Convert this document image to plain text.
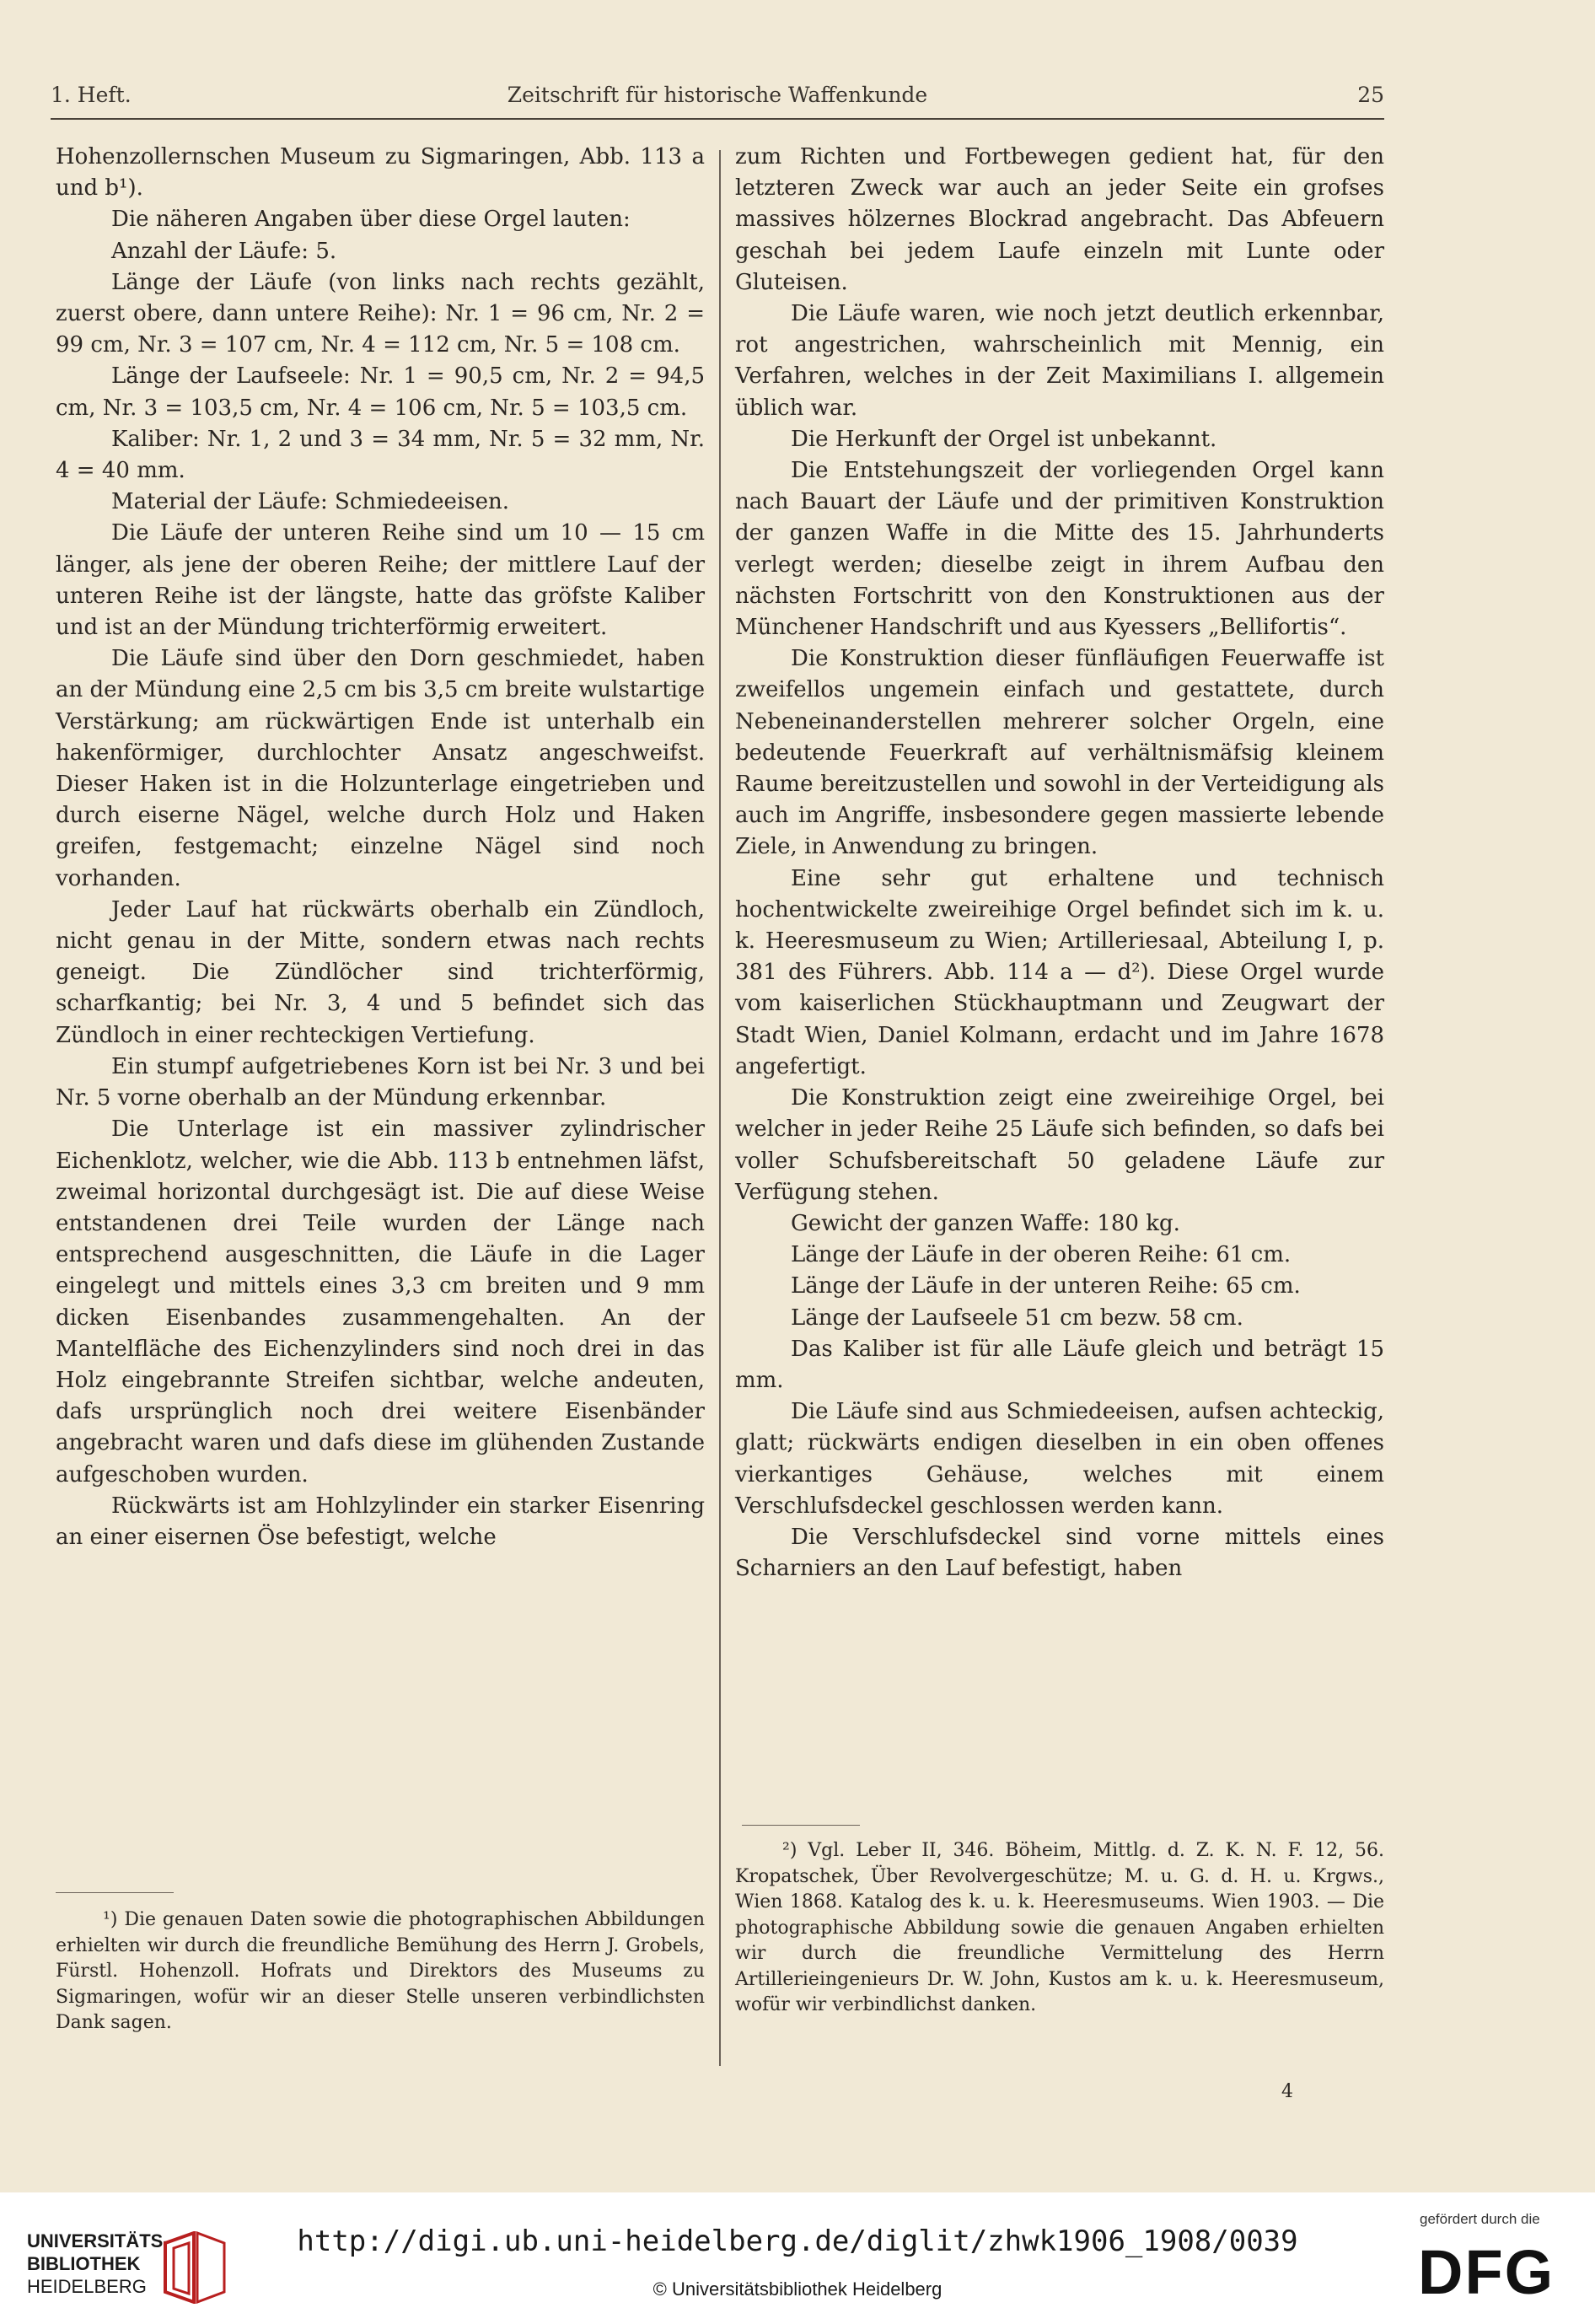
1. Heft.	Zeitschrift für historische Waffenkunde	25

Hohenzollernschen Museum zu Sigmaringen, Abb. 113 a und b¹).

Die näheren Angaben über diese Orgel lauten:

Anzahl der Läufe: 5.

Länge der Läufe (von links nach rechts gezählt, zuerst obere, dann untere Reihe): Nr. 1 = 96 cm, Nr. 2 = 99 cm, Nr. 3 = 107 cm, Nr. 4 = 112 cm, Nr. 5 = 108 cm.

Länge der Laufseele: Nr. 1 = 90,5 cm, Nr. 2 = 94,5 cm, Nr. 3 = 103,5 cm, Nr. 4 = 106 cm, Nr. 5 = 103,5 cm.

Kaliber: Nr. 1, 2 und 3 = 34 mm, Nr. 5 = 32 mm, Nr. 4 = 40 mm.

Material der Läufe: Schmiedeeisen.

Die Läufe der unteren Reihe sind um 10 — 15 cm länger, als jene der oberen Reihe; der mittlere Lauf der unteren Reihe ist der längste, hatte das gröfste Kaliber und ist an der Mündung trichterförmig erweitert.

Die Läufe sind über den Dorn geschmiedet, haben an der Mündung eine 2,5 cm bis 3,5 cm breite wulstartige Verstärkung; am rückwärtigen Ende ist unterhalb ein hakenförmiger, durchlochter Ansatz angeschweifst. Dieser Haken ist in die Holzunterlage eingetrieben und durch eiserne Nägel, welche durch Holz und Haken greifen, festgemacht; einzelne Nägel sind noch vorhanden.

Jeder Lauf hat rückwärts oberhalb ein Zündloch, nicht genau in der Mitte, sondern etwas nach rechts geneigt. Die Zündlöcher sind trichterförmig, scharfkantig; bei Nr. 3, 4 und 5 befindet sich das Zündloch in einer rechteckigen Vertiefung.

Ein stumpf aufgetriebenes Korn ist bei Nr. 3 und bei Nr. 5 vorne oberhalb an der Mündung erkennbar.

Die Unterlage ist ein massiver zylindrischer Eichenklotz, welcher, wie die Abb. 113 b entnehmen läfst, zweimal horizontal durchgesägt ist. Die auf diese Weise entstandenen drei Teile wurden der Länge nach entsprechend ausgeschnitten, die Läufe in die Lager eingelegt und mittels eines 3,3 cm breiten und 9 mm dicken Eisenbandes zusammengehalten. An der Mantelfläche des Eichenzylinders sind noch drei in das Holz eingebrannte Streifen sichtbar, welche andeuten, dafs ursprünglich noch drei weitere Eisenbänder angebracht waren und dafs diese im glühenden Zustande aufgeschoben wurden.

Rückwärts ist am Hohlzylinder ein starker Eisenring an einer eisernen Öse befestigt, welche

zum Richten und Fortbewegen gedient hat, für den letzteren Zweck war auch an jeder Seite ein grofses massives hölzernes Blockrad angebracht. Das Abfeuern geschah bei jedem Laufe einzeln mit Lunte oder Gluteisen.

Die Läufe waren, wie noch jetzt deutlich erkennbar, rot angestrichen, wahrscheinlich mit Mennig, ein Verfahren, welches in der Zeit Maximilians I. allgemein üblich war.

Die Herkunft der Orgel ist unbekannt.

Die Entstehungszeit der vorliegenden Orgel kann nach Bauart der Läufe und der primitiven Konstruktion der ganzen Waffe in die Mitte des 15. Jahrhunderts verlegt werden; dieselbe zeigt in ihrem Aufbau den nächsten Fortschritt von den Konstruktionen aus der Münchener Handschrift und aus Kyessers „Bellifortis“.

Die Konstruktion dieser fünfläufigen Feuerwaffe ist zweifellos ungemein einfach und gestattete, durch Nebeneinanderstellen mehrerer solcher Orgeln, eine bedeutende Feuerkraft auf verhältnismäfsig kleinem Raume bereitzustellen und sowohl in der Verteidigung als auch im Angriffe, insbesondere gegen massierte lebende Ziele, in Anwendung zu bringen.

Eine sehr gut erhaltene und technisch hochentwickelte zweireihige Orgel befindet sich im k. u. k. Heeresmuseum zu Wien; Artilleriesaal, Abteilung I, p. 381 des Führers. Abb. 114 a — d²). Diese Orgel wurde vom kaiserlichen Stückhauptmann und Zeugwart der Stadt Wien, Daniel Kolmann, erdacht und im Jahre 1678 angefertigt.

Die Konstruktion zeigt eine zweireihige Orgel, bei welcher in jeder Reihe 25 Läufe sich befinden, so dafs bei voller Schufsbereitschaft 50 geladene Läufe zur Verfügung stehen.

Gewicht der ganzen Waffe: 180 kg.

Länge der Läufe in der oberen Reihe: 61 cm.

Länge der Läufe in der unteren Reihe: 65 cm.

Länge der Laufseele 51 cm bezw. 58 cm.

Das Kaliber ist für alle Läufe gleich und beträgt 15 mm.

Die Läufe sind aus Schmiedeeisen, aufsen achteckig, glatt; rückwärts endigen dieselben in ein oben offenes vierkantiges Gehäuse, welches mit einem Verschlufsdeckel geschlossen werden kann.

Die Verschlufsdeckel sind vorne mittels eines Scharniers an den Lauf befestigt, haben

¹) Die genauen Daten sowie die photographischen Abbildungen erhielten wir durch die freundliche Bemühung des Herrn J. Grobels, Fürstl. Hohenzoll. Hofrats und Direktors des Museums zu Sigmaringen, wofür wir an dieser Stelle unseren verbindlichsten Dank sagen.

²) Vgl. Leber II, 346. Böheim, Mittlg. d. Z. K. N. F. 12, 56. Kropatschek, Über Revolvergeschütze; M. u. G. d. H. u. Krgws., Wien 1868. Katalog des k. u. k. Heeresmuseums. Wien 1903. — Die photographische Abbildung sowie die genauen Angaben erhielten wir durch die freundliche Vermittelung des Herrn Artillerieingenieurs Dr. W. John, Kustos am k. u. k. Heeresmuseum, wofür wir verbindlichst danken.

4
UNIVERSITÄTS-
BIBLIOTHEK
HEIDELBERG
http://digi.ub.uni-heidelberg.de/diglit/zhwk1906_1908/0039
© Universitätsbibliothek Heidelberg
gefördert durch die
DFG
